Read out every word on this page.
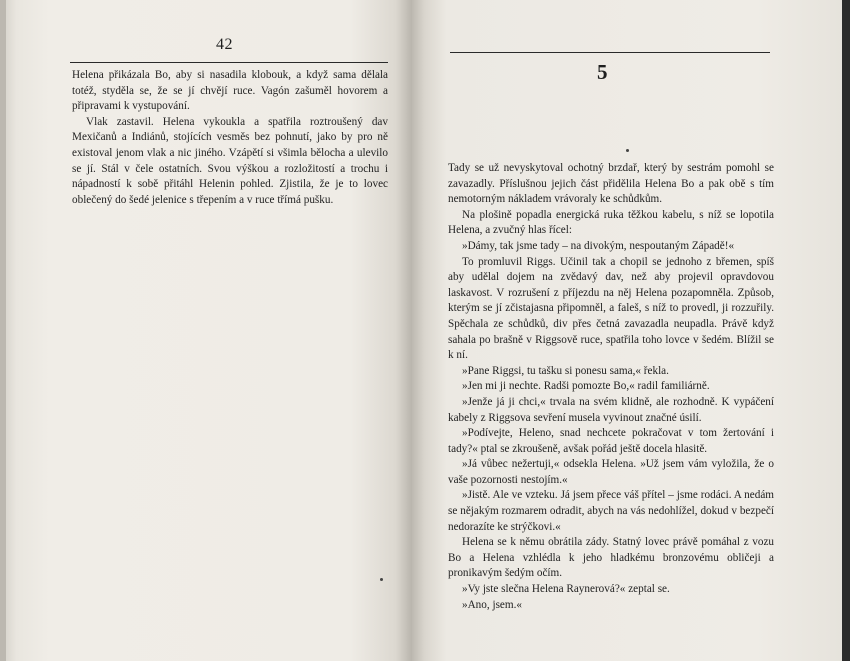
42

Helena přikázala Bo, aby si nasadila klobouk, a když sama dělala totéž, styděla se, že se jí chvějí ruce. Vagón zašuměl hovorem a připravami k vystupování.

Vlak zastavil. Helena vykoukla a spatřila roztroušený dav Mexičanů a Indiánů, stojících vesměs bez pohnutí, jako by pro ně existoval jenom vlak a nic jiného. Vzápětí si všimla bělocha a ulevilo se jí. Stál v čele ostatních. Svou výškou a rozložitostí a trochu i nápadností k sobě přitáhl Helenin pohled. Zjistila, že je to lovec oblečený do šedé jelenice s třepením a v ruce třímá pušku.

5

Tady se už nevyskytoval ochotný brzdař, který by sestrám pomohl se zavazadly. Příslušnou jejich část přidělila Helena Bo a pak obě s tím nemotorným nákladem vrávoraly ke schůdkům.

Na plošině popadla energická ruka těžkou kabelu, s níž se lopotila Helena, a zvučný hlas řícel:

»Dámy, tak jsme tady – na divokým, nespoutaným Západě!«

To promluvil Riggs. Učinil tak a chopil se jednoho z břemen, spíš aby udělal dojem na zvědavý dav, než aby projevil opravdovou laskavost. V rozrušení z příjezdu na něj Helena pozapomněla. Způsob, kterým se jí zčistajasna připomněl, a faleš, s níž to provedl, ji rozzuřily. Spěchala ze schůdků, div přes četná zavazadla neupadla. Právě když sahala po brašně v Riggsově ruce, spatřila toho lovce v šedém. Blížil se k ní.

»Pane Riggsi, tu tašku si ponesu sama,« řekla.

»Jen mi ji nechte. Radši pomozte Bo,« radil familiárně.

»Jenže já ji chci,« trvala na svém klidně, ale rozhodně. K vypáčení kabely z Riggsova sevření musela vyvinout značné úsilí.

»Podívejte, Heleno, snad nechcete pokračovat v tom žertování i tady?« ptal se zkroušeně, avšak pořád ještě docela hlasitě.

»Já vůbec nežertuji,« odsekla Helena. »Už jsem vám vyložila, že o vaše pozornosti nestojím.«

»Jistě. Ale ve vzteku. Já jsem přece váš přítel – jsme rodáci. A nedám se nějakým rozmarem odradit, abych na vás nedohlížel, dokud v bezpečí nedorazíte ke strýčkovi.«

Helena se k němu obrátila zády. Statný lovec právě pomáhal z vozu Bo a Helena vzhlédla k jeho hladkému bronzovému obličeji a pronikavým šedým očím.

»Vy jste slečna Helena Raynerová?« zeptal se.

»Ano, jsem.«
